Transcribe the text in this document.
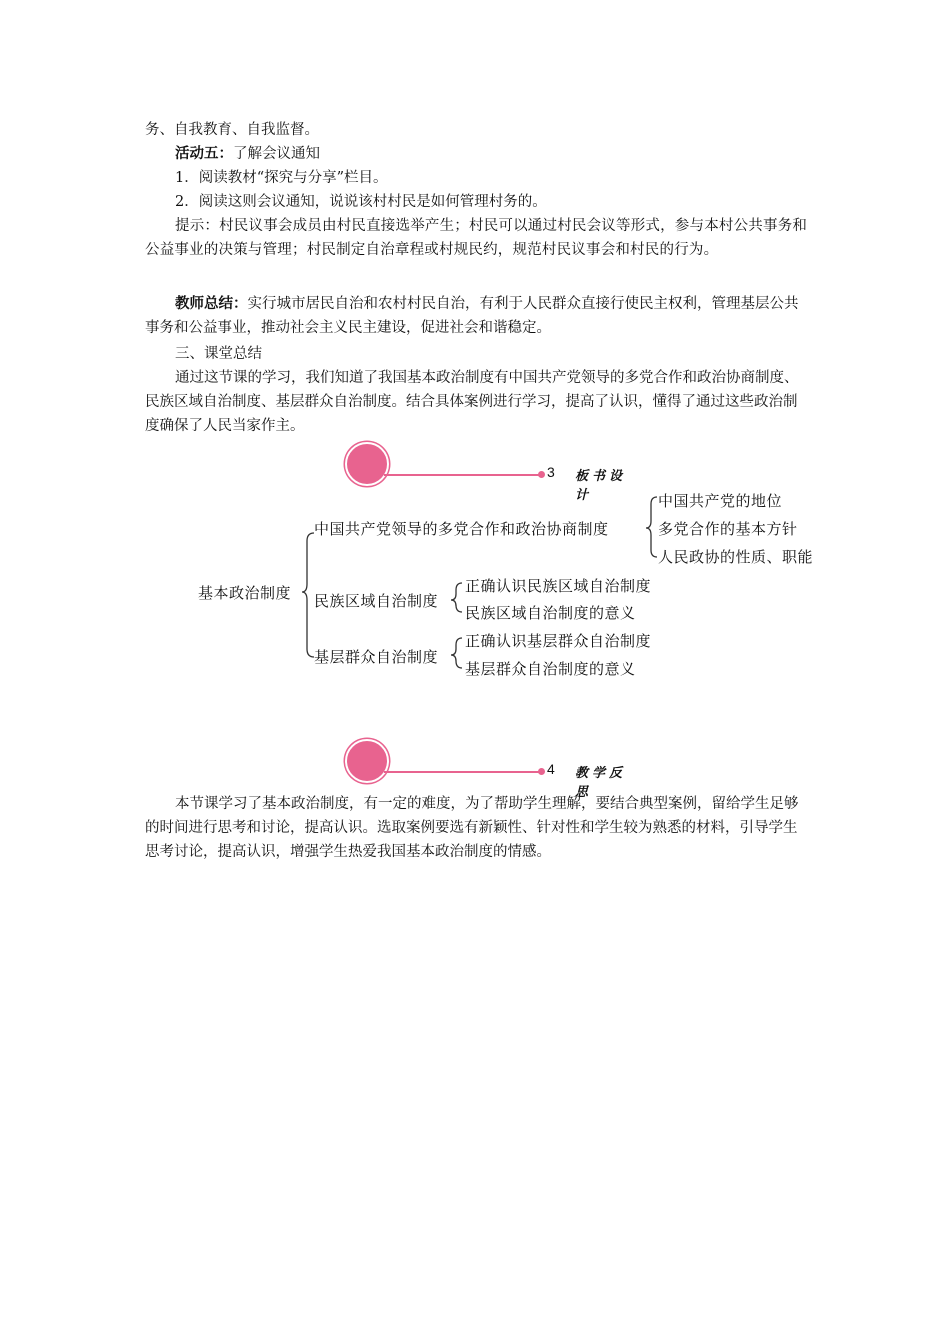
务、自我教育、自我监督。

活动五：了解会议通知

1．阅读教材“探究与分享”栏目。

2．阅读这则会议通知，说说该村村民是如何管理村务的。

提示：村民议事会成员由村民直接选举产生；村民可以通过村民会议等形式，参与本村公共事务和公益事业的决策与管理；村民制定自治章程或村规民约，规范村民议事会和村民的行为。

教师总结：实行城市居民自治和农村村民自治，有利于人民群众直接行使民主权利，管理基层公共事务和公益事业，推动社会主义民主建设，促进社会和谐稳定。

三、课堂总结

通过这节课的学习，我们知道了我国基本政治制度有中国共产党领导的多党合作和政治协商制度、民族区域自治制度、基层群众自治制度。结合具体案例进行学习，提高了认识，懂得了通过这些政治制度确保了人民当家作主。

3 板书设计
基本政治制度
中国共产党领导的多党合作和政治协商制度
中国共产党的地位
多党合作的基本方针
人民政协的性质、职能
民族区域自治制度
正确认识民族区域自治制度
民族区域自治制度的意义
基层群众自治制度
正确认识基层群众自治制度
基层群众自治制度的意义
4 教学反思

本节课学习了基本政治制度，有一定的难度，为了帮助学生理解，要结合典型案例，留给学生足够的时间进行思考和讨论，提高认识。选取案例要选有新颖性、针对性和学生较为熟悉的材料，引导学生思考讨论，提高认识，增强学生热爱我国基本政治制度的情感。
